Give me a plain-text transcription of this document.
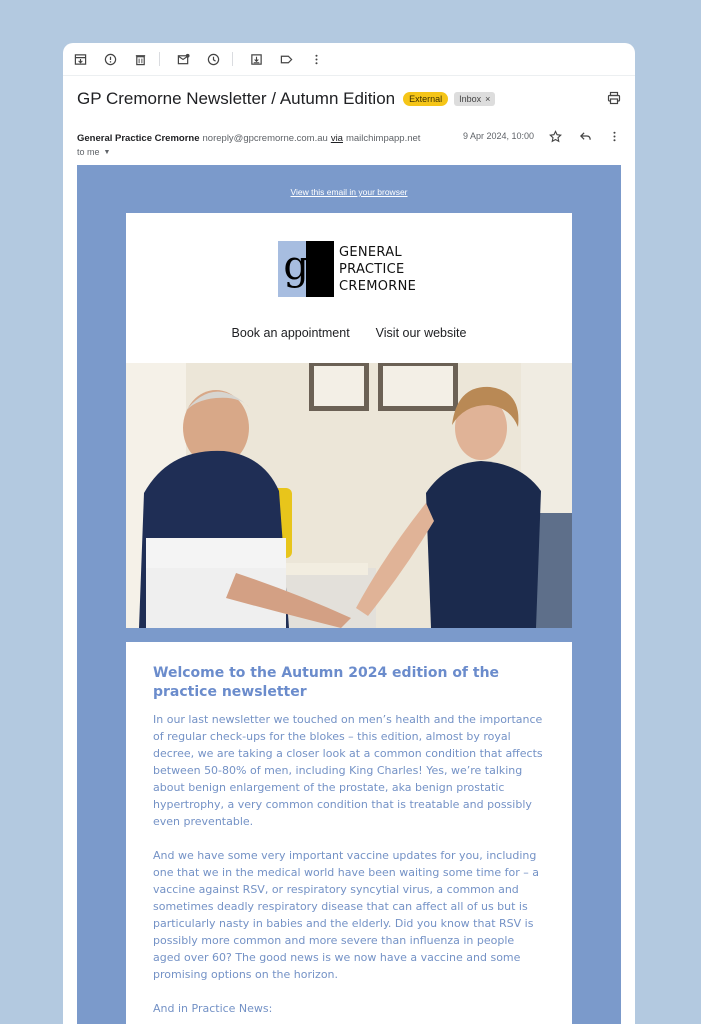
GP Cremorne Newsletter / Autumn Edition	External	Inbox ×
General Practice Cremorne noreply@gpcremorne.com.au via mailchimpapp.net	9 Apr 2024, 10:00
to me ▼
View this email in your browser
gp GENERAL
PRACTICE
CREMORNE
Book an appointment Visit our website
Welcome to the Autumn 2024 edition of the practice newsletter

In our last newsletter we touched on men’s health and the importance of regular check-ups for the blokes – this edition, almost by royal decree, we are taking a closer look at a common condition that affects between 50-80% of men, including King Charles! Yes, we’re talking about benign enlargement of the prostate, aka benign prostatic hypertrophy, a very common condition that is treatable and possibly even preventable.

And we have some very important vaccine updates for you, including one that we in the medical world have been waiting some time for – a vaccine against RSV, or respiratory syncytial virus, a common and sometimes deadly respiratory disease that can affect all of us but is particularly nasty in babies and the elderly. Did you know that RSV is possibly more common and more severe than influenza in people aged over 60? The good news is we now have a vaccine and some promising options on the horizon.

And in Practice News:
